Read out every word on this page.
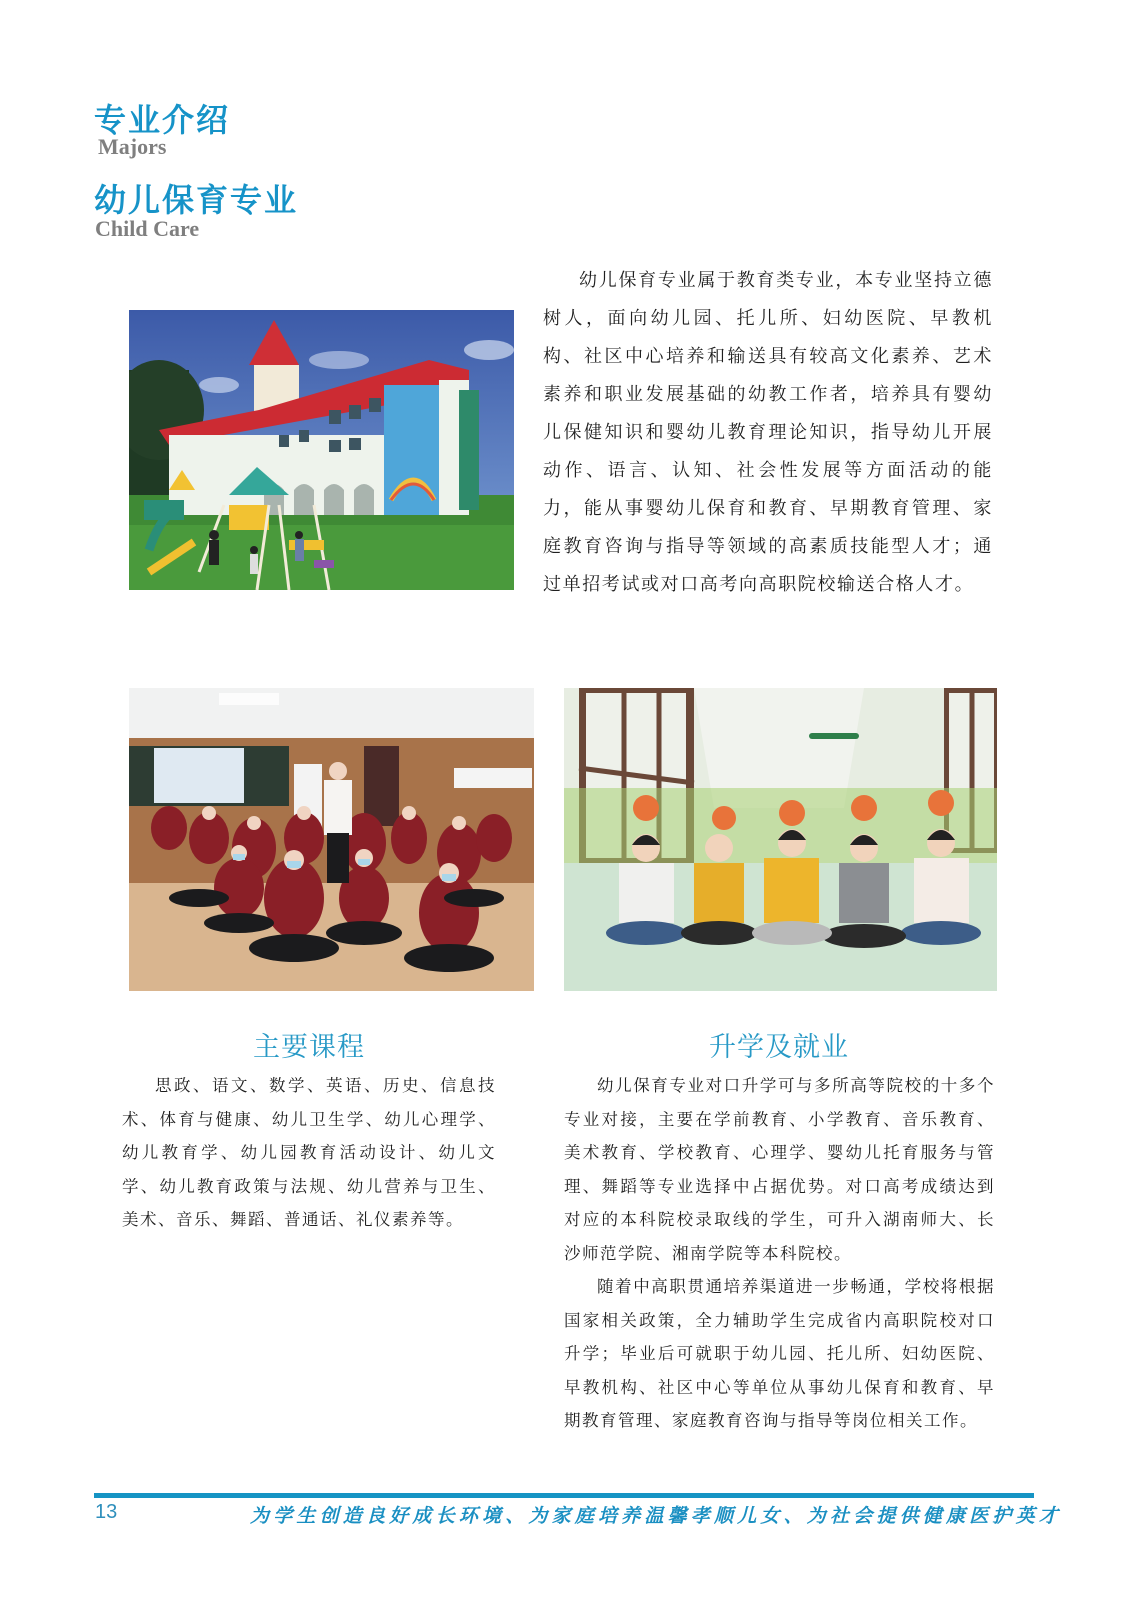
专业介绍
Majors
幼儿保育专业
Child Care

幼儿保育专业属于教育类专业，本专业坚持立德树人，面向幼儿园、托儿所、妇幼医院、早教机构、社区中心培养和输送具有较高文化素养、艺术素养和职业发展基础的幼教工作者，培养具有婴幼儿保健知识和婴幼儿教育理论知识，指导幼儿开展动作、语言、认知、社会性发展等方面活动的能力，能从事婴幼儿保育和教育、早期教育管理、家庭教育咨询与指导等领域的高素质技能型人才；通过单招考试或对口高考向高职院校输送合格人才。

主要课程

思政、语文、数学、英语、历史、信息技术、体育与健康、幼儿卫生学、幼儿心理学、幼儿教育学、幼儿园教育活动设计、幼儿文学、幼儿教育政策与法规、幼儿营养与卫生、美术、音乐、舞蹈、普通话、礼仪素养等。

升学及就业

幼儿保育专业对口升学可与多所高等院校的十多个专业对接，主要在学前教育、小学教育、音乐教育、美术教育、学校教育、心理学、婴幼儿托育服务与管理、舞蹈等专业选择中占据优势。对口高考成绩达到对应的本科院校录取线的学生，可升入湖南师大、长沙师范学院、湘南学院等本科院校。

随着中高职贯通培养渠道进一步畅通，学校将根据国家相关政策，全力辅助学生完成省内高职院校对口升学；毕业后可就职于幼儿园、托儿所、妇幼医院、早教机构、社区中心等单位从事幼儿保育和教育、早期教育管理、家庭教育咨询与指导等岗位相关工作。

13	为学生创造良好成长环境、为家庭培养温馨孝顺儿女、为社会提供健康医护英才
